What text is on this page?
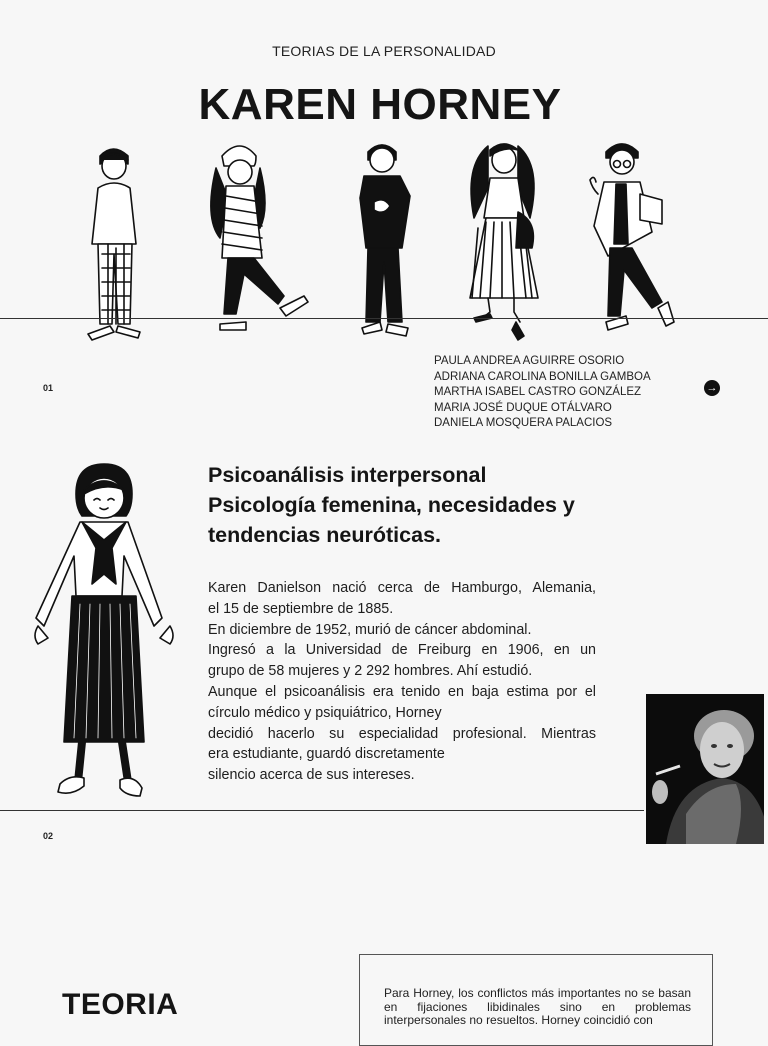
TEORIAS DE LA PERSONALIDAD
KAREN HORNEY
01
PAULA ANDREA AGUIRRE OSORIO
ADRIANA CAROLINA BONILLA GAMBOA
MARTHA ISABEL CASTRO GONZÁLEZ
MARIA JOSÉ DUQUE OTÁLVARO
DANIELA MOSQUERA PALACIOS
→
Psicoanálisis interpersonal
Psicología femenina, necesidades y
tendencias neuróticas.
Karen Danielson nació cerca de Hamburgo, Alemania,
el 15 de septiembre de 1885.
En diciembre de 1952, murió de cáncer abdominal.
Ingresó a la Universidad de Freiburg en 1906, en un
grupo de 58 mujeres y 2 292 hombres. Ahí estudió.
Aunque el psicoanálisis era tenido en baja estima por el
círculo médico y psiquiátrico, Horney
decidió hacerlo su especialidad profesional. Mientras
era estudiante, guardó discretamente
silencio acerca de sus intereses.
02
TEORIA	Para Horney, los conflictos más importantes no se basan en fijaciones libidinales sino en problemas interpersonales no resueltos. Horney coincidió con
